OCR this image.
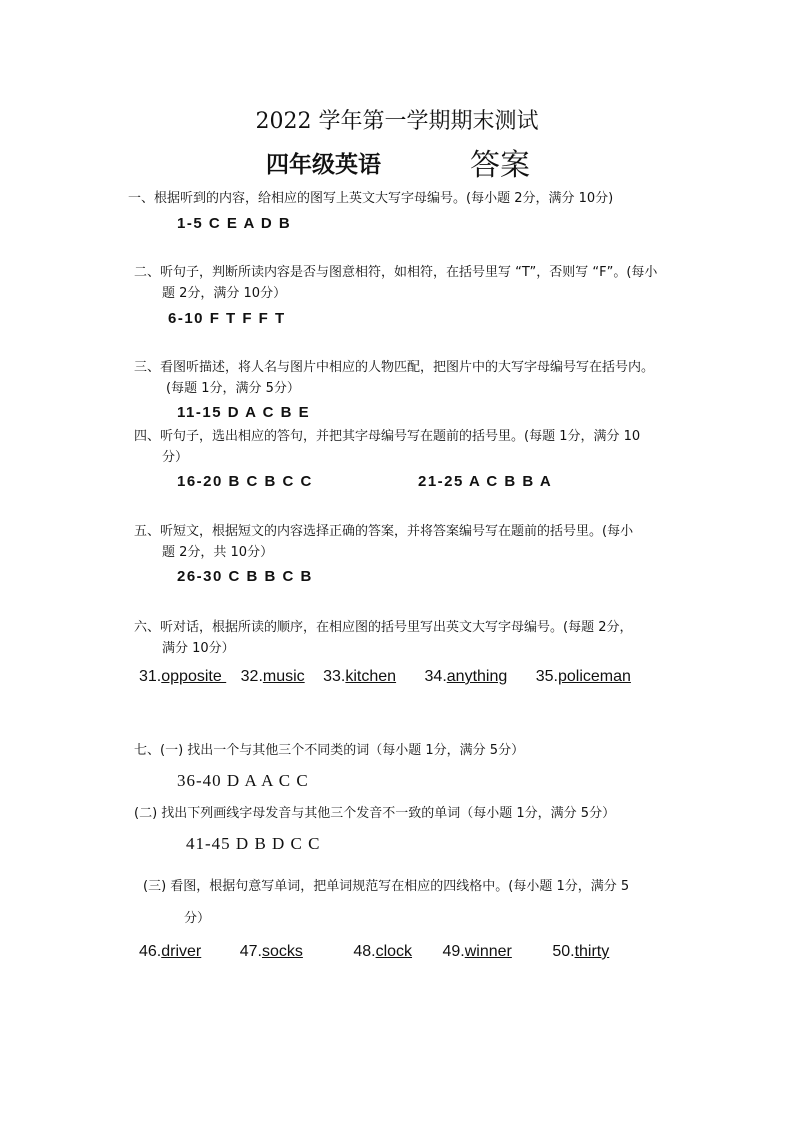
2022 学年第一学期期末测试
四年级英语	答案
一、根据听到的内容，给相应的图写上英文大写字母编号。(每小题 2分，满分 10分)
1-5 C E A D B
二、听句子，判断所读内容是否与图意相符，如相符，在括号里写 “T”，否则写 “F”。(每小
题 2分，满分 10分）
6-10 F T F F T
三、看图听描述，将人名与图片中相应的人物匹配，把图片中的大写字母编号写在括号内。
(每题 1分，满分 5分）
11-15 D A C B E
四、听句子，选出相应的答句，并把其字母编号写在题前的括号里。(每题 1分，满分 10
分）
16-20 B C B C C	21-25 A C B B A
五、听短文，根据短文的内容选择正确的答案，并将答案编号写在题前的括号里。(每小
题 2分，共 10分）
26-30 C B B C B
六、听对话，根据所读的顺序，在相应图的括号里写出英文大写字母编号。(每题 2分，
满分 10分）
31.opposite  32.music 33.kitchen 34.anything 35.policeman
七、(一) 找出一个与其他三个不同类的词（每小题 1分，满分 5分）
36-40 D A A C C
(二) 找出下列画线字母发音与其他三个发音不一致的单词（每小题 1分，满分 5分）
41-45 D B D C C
(三) 看图，根据句意写单词，把单词规范写在相应的四线格中。(每小题 1分，满分 5
分）
46.driver 47.socks	48.clock 49.winner	50.thirty
